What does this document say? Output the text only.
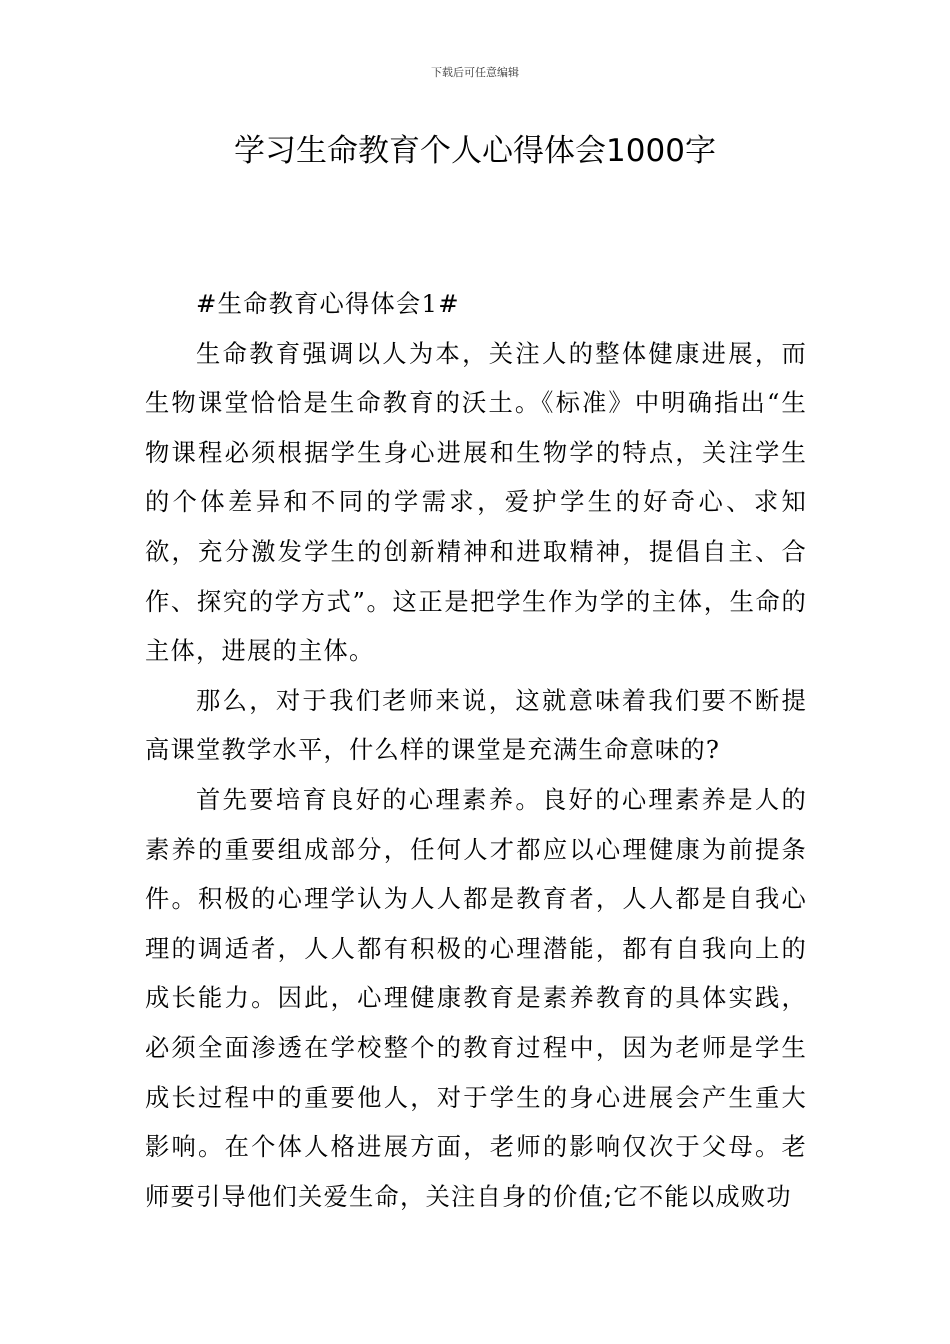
下载后可任意编辑
学习生命教育个人心得体会1000字

#生命教育心得体会1#

生命教育强调以人为本，关注人的整体健康进展，而生物课堂恰恰是生命教育的沃土。《标准》中明确指出“生物课程必须根据学生身心进展和生物学的特点，关注学生的个体差异和不同的学需求，爱护学生的好奇心、求知欲，充分激发学生的创新精神和进取精神，提倡自主、合作、探究的学方式”。这正是把学生作为学的主体，生命的主体，进展的主体。

那么，对于我们老师来说，这就意味着我们要不断提高课堂教学水平，什么样的课堂是充满生命意味的?

首先要培育良好的心理素养。良好的心理素养是人的素养的重要组成部分，任何人才都应以心理健康为前提条件。积极的心理学认为人人都是教育者，人人都是自我心理的调适者，人人都有积极的心理潜能，都有自我向上的成长能力。因此，心理健康教育是素养教育的具体实践，必须全面渗透在学校整个的教育过程中，因为老师是学生成长过程中的重要他人，对于学生的身心进展会产生重大影响。在个体人格进展方面，老师的影响仅次于父母。老师要引导他们关爱生命，关注自身的价值;它不能以成败功
